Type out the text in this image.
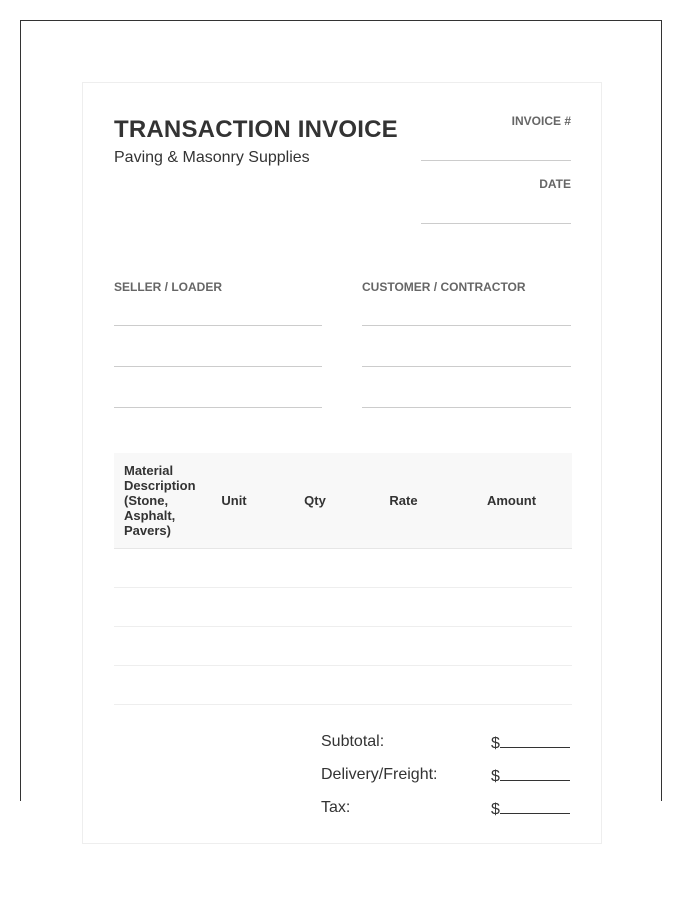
TRANSACTION INVOICE
Paving & Masonry Supplies
INVOICE #
DATE
SELLER / LOADER	CUSTOMER / CONTRACTOR
Material Description (Stone, Asphalt, Pavers)	Unit	Qty	Rate	Amount

Subtotal:	$
Delivery/Freight:	$
Tax:	$
